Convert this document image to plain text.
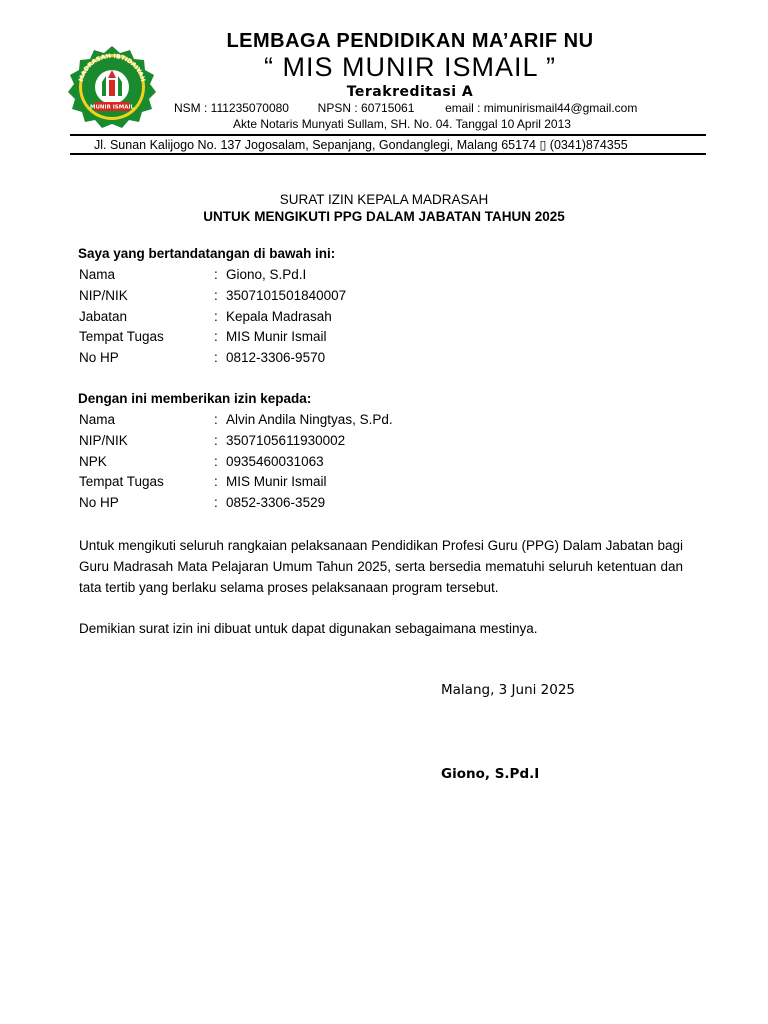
MADRASAH IBTIDAIYAH
MUNIR ISMAIL
LEMBAGA PENDIDIKAN MA’ARIF NU
“ MIS MUNIR ISMAIL ”
Terakreditasi A
NSM : 111235070080 NPSN : 60715061	email : mimunirismail44@gmail.com
Akte Notaris Munyati Sullam, SH. No. 04. Tanggal 10 April 2013
Jl. Sunan Kalijogo No. 137 Jogosalam, Sepanjang, Gondanglegi, Malang 65174 ▯ (0341)874355
SURAT IZIN KEPALA MADRASAH
UNTUK MENGIKUTI PPG DALAM JABATAN TAHUN 2025
Saya yang bertandatangan di bawah ini:
Nama	: Giono, S.Pd.I
NIP/NIK	: 3507101501840007
Jabatan	: Kepala Madrasah
Tempat Tugas	: MIS Munir Ismail
No HP	: 0812-3306-9570
Dengan ini memberikan izin kepada:
Nama	: Alvin Andila Ningtyas, S.Pd.
NIP/NIK	: 3507105611930002
NPK	: 0935460031063
Tempat Tugas	: MIS Munir Ismail
No HP	: 0852-3306-3529
Untuk mengikuti seluruh rangkaian pelaksanaan Pendidikan Profesi Guru (PPG) Dalam Jabatan bagi Guru Madrasah Mata Pelajaran Umum Tahun 2025, serta bersedia mematuhi seluruh ketentuan dan tata tertib yang berlaku selama proses pelaksanaan program tersebut.
Demikian surat izin ini dibuat untuk dapat digunakan sebagaimana mestinya.
Malang, 3 Juni 2025
Giono, S.Pd.I
